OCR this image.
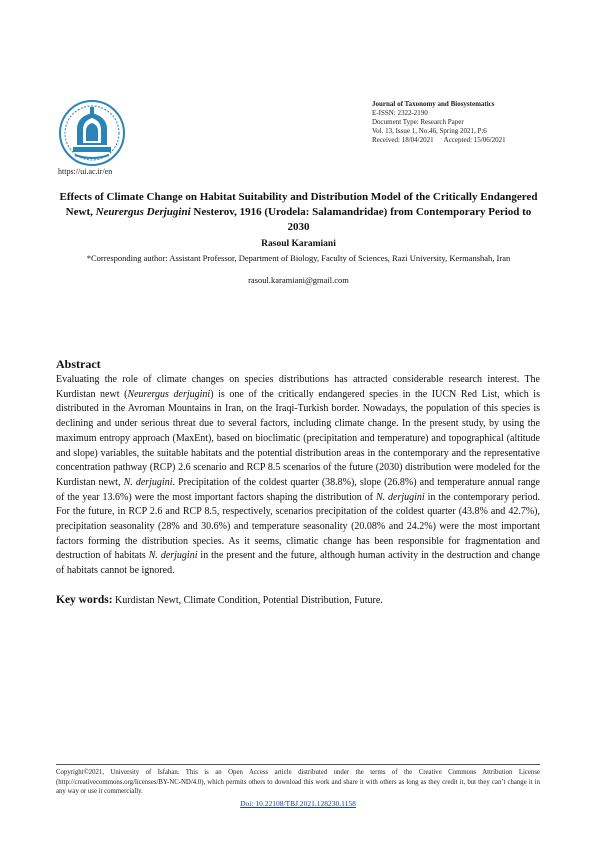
https://ui.ac.ir/en
Journal of Taxonomy and Biosystematics
E-ISSN: 2322-2190
Document Type: Research Paper
Vol. 13, Issue 1, No.46, Spring 2021, P:6
Received: 18/04/2021 Accepted: 15/06/2021
Effects of Climate Change on Habitat Suitability and Distribution Model of the Critically Endangered
Newt, Neurergus Derjugini Nesterov, 1916 (Urodela: Salamandridae) from Contemporary Period to
2030
Rasoul Karamiani
*Corresponding author: Assistant Professor, Department of Biology, Faculty of Sciences, Razi University, Kermanshah, Iran
rasoul.karamiani@gmail.com
Abstract
Evaluating the role of climate changes on species distributions has attracted considerable research interest. The Kurdistan newt (Neurergus derjugini) is one of the critically endangered species in the IUCN Red List, which is distributed in the Avroman Mountains in Iran, on the Iraqi-Turkish border. Nowadays, the population of this species is declining and under serious threat due to several factors, including climate change. In the present study, by using the maximum entropy approach (MaxEnt), based on bioclimatic (precipitation and temperature) and topographical (altitude and slope) variables, the suitable habitats and the potential distribution areas in the contemporary and the representative concentration pathway (RCP) 2.6 scenario and RCP 8.5 scenarios of the future (2030) distribution were modeled for the Kurdistan newt, N. derjugini. Precipitation of the coldest quarter (38.8%), slope (26.8%) and temperature annual range of the year 13.6%) were the most important factors shaping the distribution of N. derjugini in the contemporary period. For the future, in RCP 2.6 and RCP 8.5, respectively, scenarios precipitation of the coldest quarter (43.8% and 42.7%), precipitation seasonality (28% and 30.6%) and temperature seasonality (20.08% and 24.2%) were the most important factors forming the distribution species. As it seems, climatic change has been responsible for fragmentation and destruction of habitats N. derjugini in the present and the future, although human activity in the destruction and change of habitats cannot be ignored.
Key words: Kurdistan Newt, Climate Condition, Potential Distribution, Future.
Copyright©2021, University of Isfahan. This is an Open Access article distributed under the terms of the Creative Commons Attribution License (http://creativecommons.org/licenses/BY-NC-ND/4.0), which permits others to download this work and share it with others as long as they credit it, but they can’t change it in any way or use it commercially.
Doi: 10.22108/TBJ.2021.128230.1158
